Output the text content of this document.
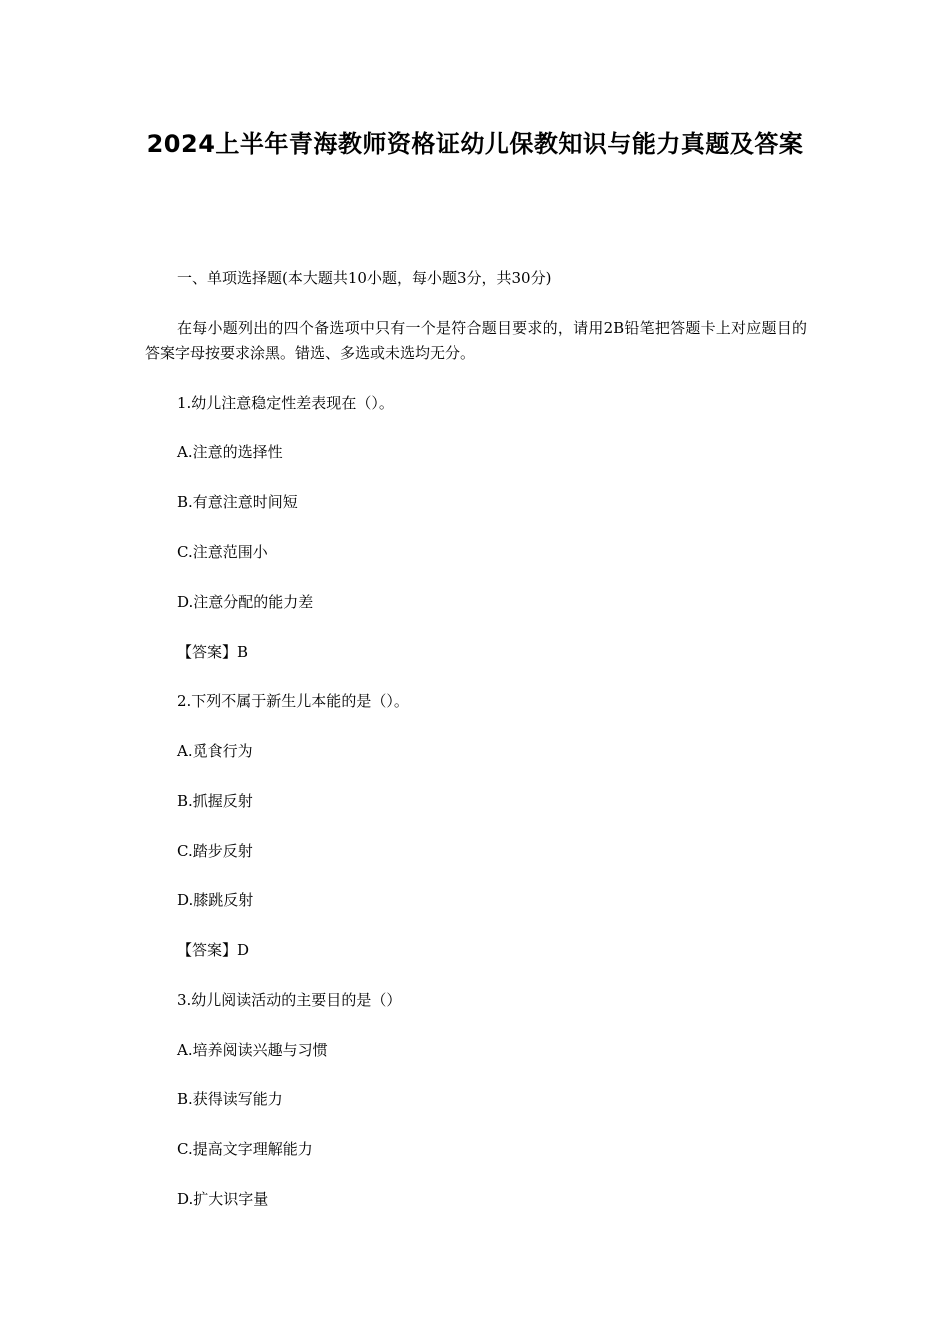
2024上半年青海教师资格证幼儿保教知识与能力真题及答案
一、单项选择题(本大题共10小题，每小题3分，共30分)
在每小题列出的四个备选项中只有一个是符合题目要求的，请用2B铅笔把答题卡上对应题目的答案字母按要求涂黑。错选、多选或未选均无分。
1.幼儿注意稳定性差表现在（）。
A.注意的选择性
B.有意注意时间短
C.注意范围小
D.注意分配的能力差
【答案】B
2.下列不属于新生儿本能的是（）。
A.觅食行为
B.抓握反射
C.踏步反射
D.膝跳反射
【答案】D
3.幼儿阅读活动的主要目的是（）
A.培养阅读兴趣与习惯
B.获得读写能力
C.提高文字理解能力
D.扩大识字量
